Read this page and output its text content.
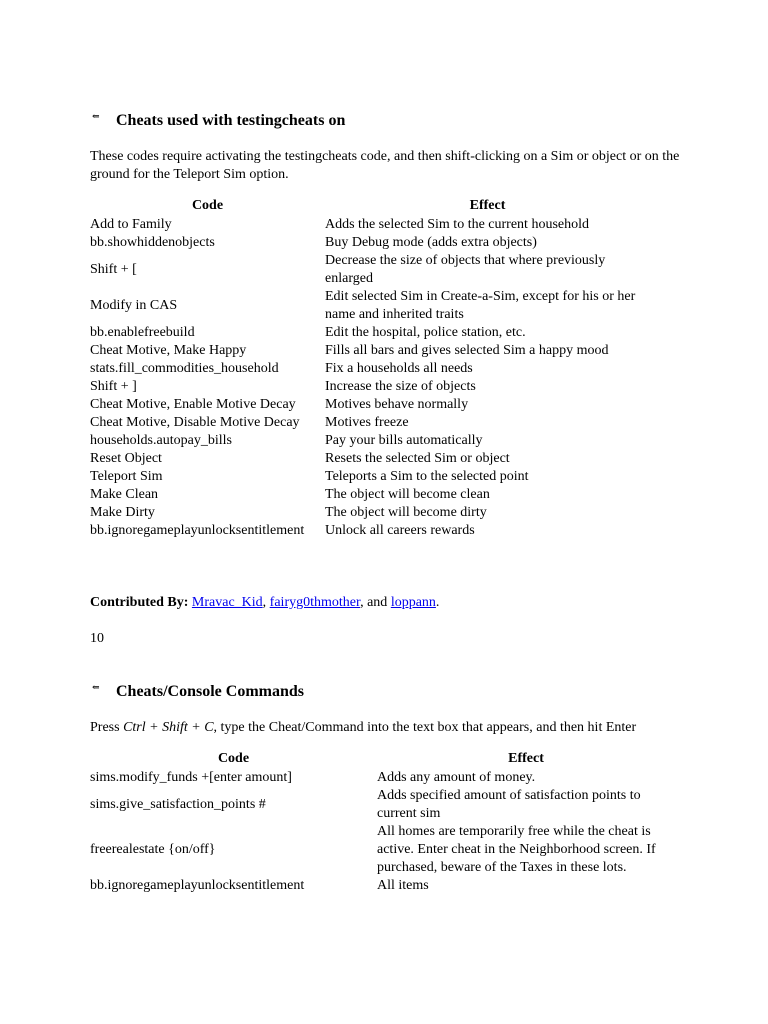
⇐ Cheats used with testingcheats on

These codes require activating the testingcheats code, and then shift-clicking on a Sim or object or on the ground for the Teleport Sim option.

Code	Effect
Add to Family	Adds the selected Sim to the current household
bb.showhiddenobjects	Buy Debug mode (adds extra objects)
Shift + [	Decrease the size of objects that where previously enlarged
Modify in CAS	Edit selected Sim in Create-a-Sim, except for his or her name and inherited traits
bb.enablefreebuild	Edit the hospital, police station, etc.
Cheat Motive, Make Happy	Fills all bars and gives selected Sim a happy mood
stats.fill_commodities_household	Fix a households all needs
Shift + ]	Increase the size of objects
Cheat Motive, Enable Motive Decay	Motives behave normally
Cheat Motive, Disable Motive Decay	Motives freeze
households.autopay_bills	Pay your bills automatically
Reset Object	Resets the selected Sim or object
Teleport Sim	Teleports a Sim to the selected point
Make Clean	The object will become clean
Make Dirty	The object will become dirty
bb.ignoregameplayunlocksentitlement	Unlock all careers rewards

Contributed By: Mravac_Kid, fairyg0thmother, and loppann.

10
⇐ Cheats/Console Commands

Press Ctrl + Shift + C, type the Cheat/Command into the text box that appears, and then hit Enter

Code	Effect
sims.modify_funds +[enter amount]	Adds any amount of money.
sims.give_satisfaction_points #	Adds specified amount of satisfaction points to current sim
freerealestate {on/off}	All homes are temporarily free while the cheat is active. Enter cheat in the Neighborhood screen. If purchased, beware of the Taxes in these lots.
bb.ignoregameplayunlocksentitlement	All items
